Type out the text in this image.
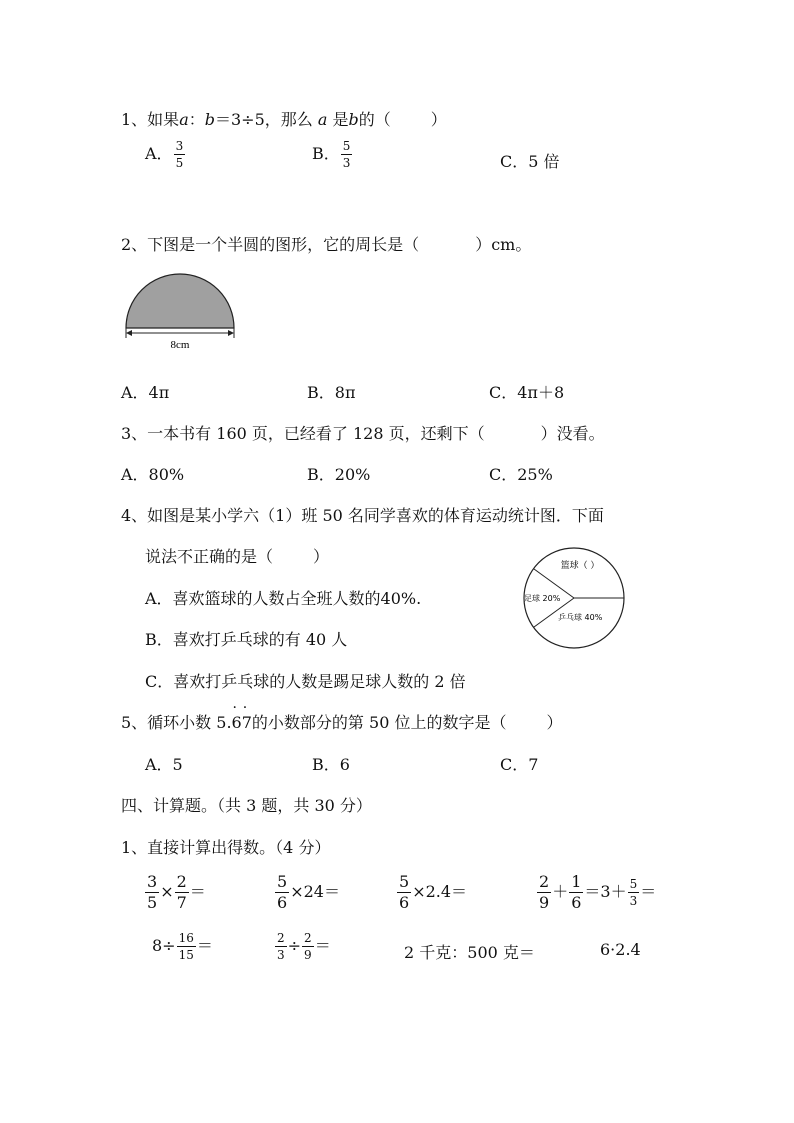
1、如果a：b＝3÷5，那么 a 是b的（	）
A． $\frac{3}{5}$	B． $\frac{5}{3}$	C．5 倍
2、下图是一个半圆的图形，它的周长是（	）cm。
8cm
A．4π	B．8π	C．4π＋8
3、一本书有 160 页，已经看了 128 页，还剩下（	）没看。
A．80%	B．20%	C．25%
4、如图是某小学六（1）班 50 名同学喜欢的体育运动统计图．下面
说法不正确的是（	）
A．喜欢篮球的人数占全班人数的40%.
B．喜欢打乒乓球的有 40 人
C．喜欢打乒乓球的人数是踢足球人数的 2 倍
篮球（ ）
足球 20%
乒乓球 40%
5、循环小数 5.· 6· 7的小数部分的第 50 位上的数字是（	）
A．5	B．6	C．7
四、计算题。（共 3 题，共 30 分）
1、直接计算出得数。（4 分）
$\frac{3}{5} \times \frac{2}{7}$ ＝	$\frac{5}{6} \times 24=$	$\frac{5}{6} \times 2.4=$	$\frac{2}{9} + \frac{1}{6} =3+ \frac{5}{3}$ ＝
$8\div \frac{16}{15}$ ＝	$\frac{2}{3} \div \frac{2}{9}$ ＝	2 千克：500 克＝	6·2.4
